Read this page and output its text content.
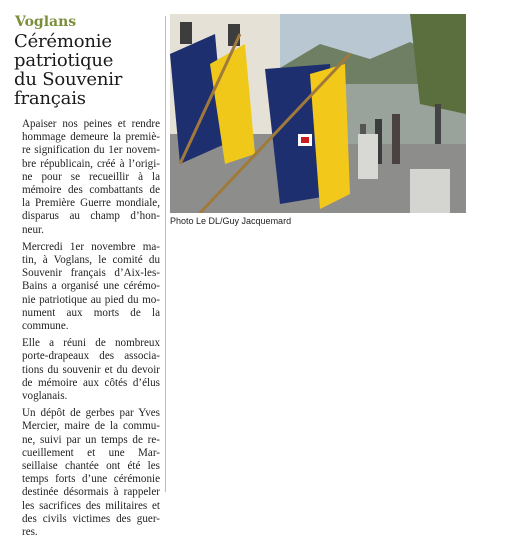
Voglans
Cérémonie
patriotique
du Souvenir
français

Apaiser nos peines et rendre
hommage demeure la premiè-
re signification du 1er novem-
bre républicain, créé à l’origi-
ne pour se recueillir à la
mémoire des combattants de
la Première Guerre mondiale,
disparus au champ d’hon-
neur.

Mercredi 1er novembre ma-
tin, à Voglans, le comité du
Souvenir français d’Aix-les-
Bains a organisé une cérémo-
nie patriotique au pied du mo-
nument aux morts de la
commune.

Elle a réuni de nombreux
porte-drapeaux des associa-
tions du souvenir et du devoir
de mémoire aux côtés d’élus
voglanais.

Un dépôt de gerbes par Yves
Mercier, maire de la commu-
ne, suivi par un temps de re-
cueillement et une Mar-
seillaise chantée ont été les
temps forts d’une cérémonie
destinée désormais à rappeler
les sacrifices des militaires et
des civils victimes des guer-
res.

Photo Le DL/Guy Jacquemard
